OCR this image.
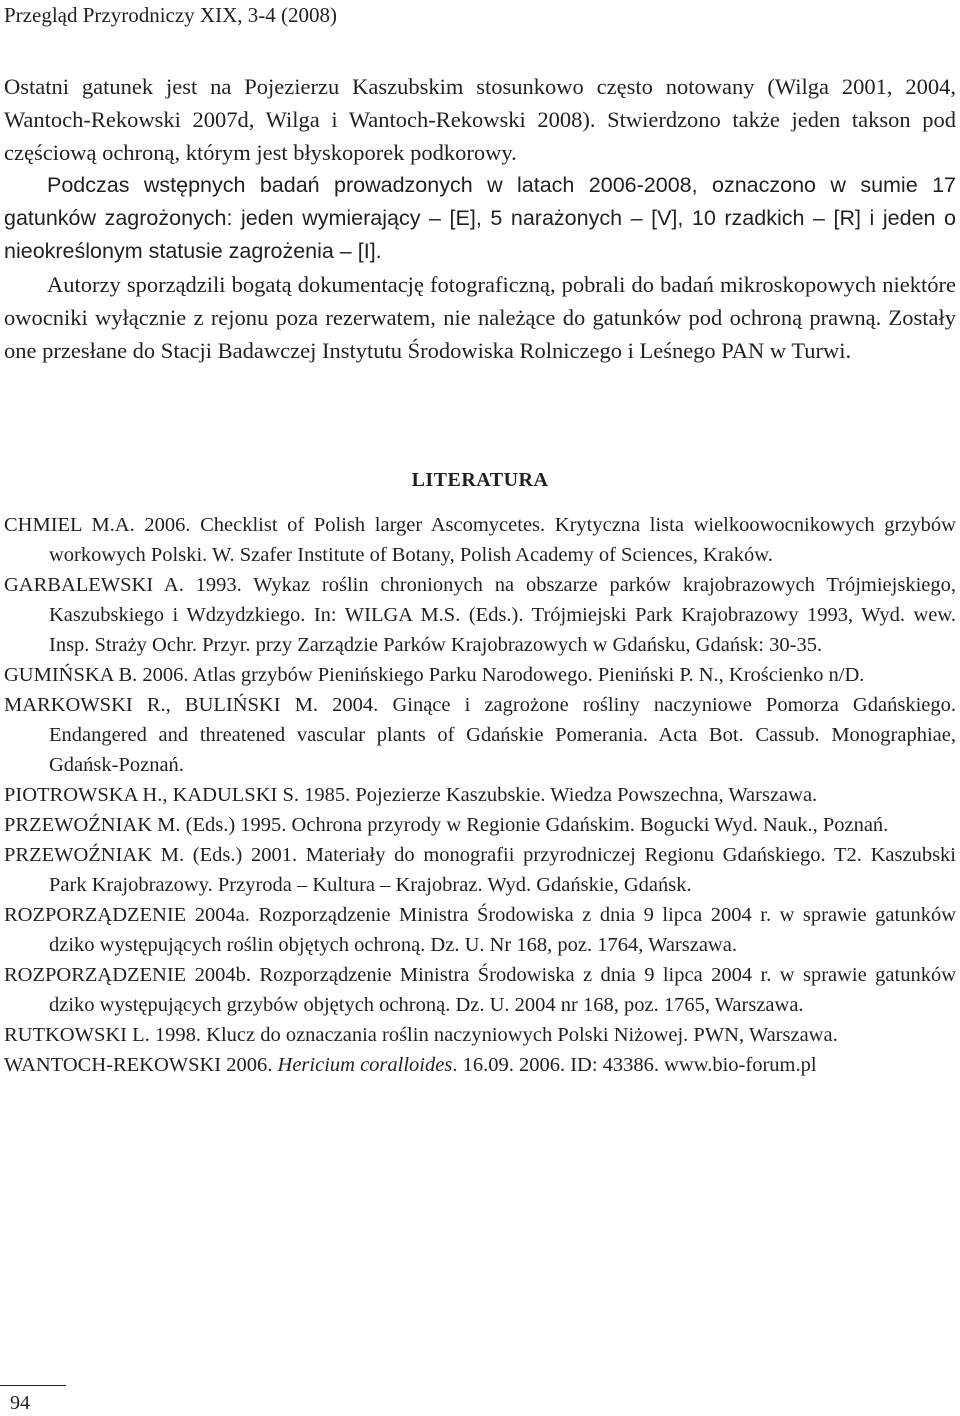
Przegląd Przyrodniczy XIX, 3-4 (2008)

Ostatni gatunek jest na Pojezierzu Kaszubskim stosunkowo często notowany (Wilga 2001, 2004, Wantoch-Rekowski 2007d, Wilga i Wantoch-Rekowski 2008). Stwierdzono także jeden takson pod częściową ochroną, którym jest błyskoporek podkorowy.

Podczas wstępnych badań prowadzonych w latach 2006-2008, oznaczono w sumie 17 gatunków zagrożonych: jeden wymierający – [E], 5 narażonych – [V], 10 rzadkich – [R] i jeden o nieokreślonym statusie zagrożenia – [I].

Autorzy sporządzili bogatą dokumentację fotograficzną, pobrali do badań mikroskopowych niektóre owocniki wyłącznie z rejonu poza rezerwatem, nie należące do gatunków pod ochroną prawną. Zostały one przesłane do Stacji Badawczej Instytutu Środowiska Rolniczego i Leśnego PAN w Turwi.

LITERATURA

CHMIEL M.A. 2006. Checklist of Polish larger Ascomycetes. Krytyczna lista wielkoowocnikowych grzybów workowych Polski. W. Szafer Institute of Botany, Polish Academy of Sciences, Kraków.

GARBALEWSKI A. 1993. Wykaz roślin chronionych na obszarze parków krajobrazowych Trójmiejskiego, Kaszubskiego i Wdzydzkiego. In: WILGA M.S. (Eds.). Trójmiejski Park Krajobrazowy 1993, Wyd. wew. Insp. Straży Ochr. Przyr. przy Zarządzie Parków Krajobrazowych w Gdańsku, Gdańsk: 30-35.

GUMIŃSKA B. 2006. Atlas grzybów Pienińskiego Parku Narodowego. Pieniński P. N., Krościenko n/D.

MARKOWSKI R., BULIŃSKI M. 2004. Ginące i zagrożone rośliny naczyniowe Pomorza Gdańskiego. Endangered and threatened vascular plants of Gdańskie Pomerania. Acta Bot. Cassub. Monographiae, Gdańsk-Poznań.

PIOTROWSKA H., KADULSKI S. 1985. Pojezierze Kaszubskie. Wiedza Powszechna, Warszawa.

PRZEWOŹNIAK M. (Eds.) 1995. Ochrona przyrody w Regionie Gdańskim. Bogucki Wyd. Nauk., Poznań.

PRZEWOŹNIAK M. (Eds.) 2001. Materiały do monografii przyrodniczej Regionu Gdańskiego. T2. Kaszubski Park Krajobrazowy. Przyroda – Kultura – Krajobraz. Wyd. Gdańskie, Gdańsk.

ROZPORZĄDZENIE 2004a. Rozporządzenie Ministra Środowiska z dnia 9 lipca 2004 r. w sprawie gatunków dziko występujących roślin objętych ochroną. Dz. U. Nr 168, poz. 1764, Warszawa.

ROZPORZĄDZENIE 2004b. Rozporządzenie Ministra Środowiska z dnia 9 lipca 2004 r. w sprawie gatunków dziko występujących grzybów objętych ochroną. Dz. U. 2004 nr 168, poz. 1765, Warszawa.

RUTKOWSKI L. 1998. Klucz do oznaczania roślin naczyniowych Polski Niżowej. PWN, Warszawa.

WANTOCH-REKOWSKI 2006. Hericium coralloides. 16.09. 2006. ID: 43386. www.bio-forum.pl

94
